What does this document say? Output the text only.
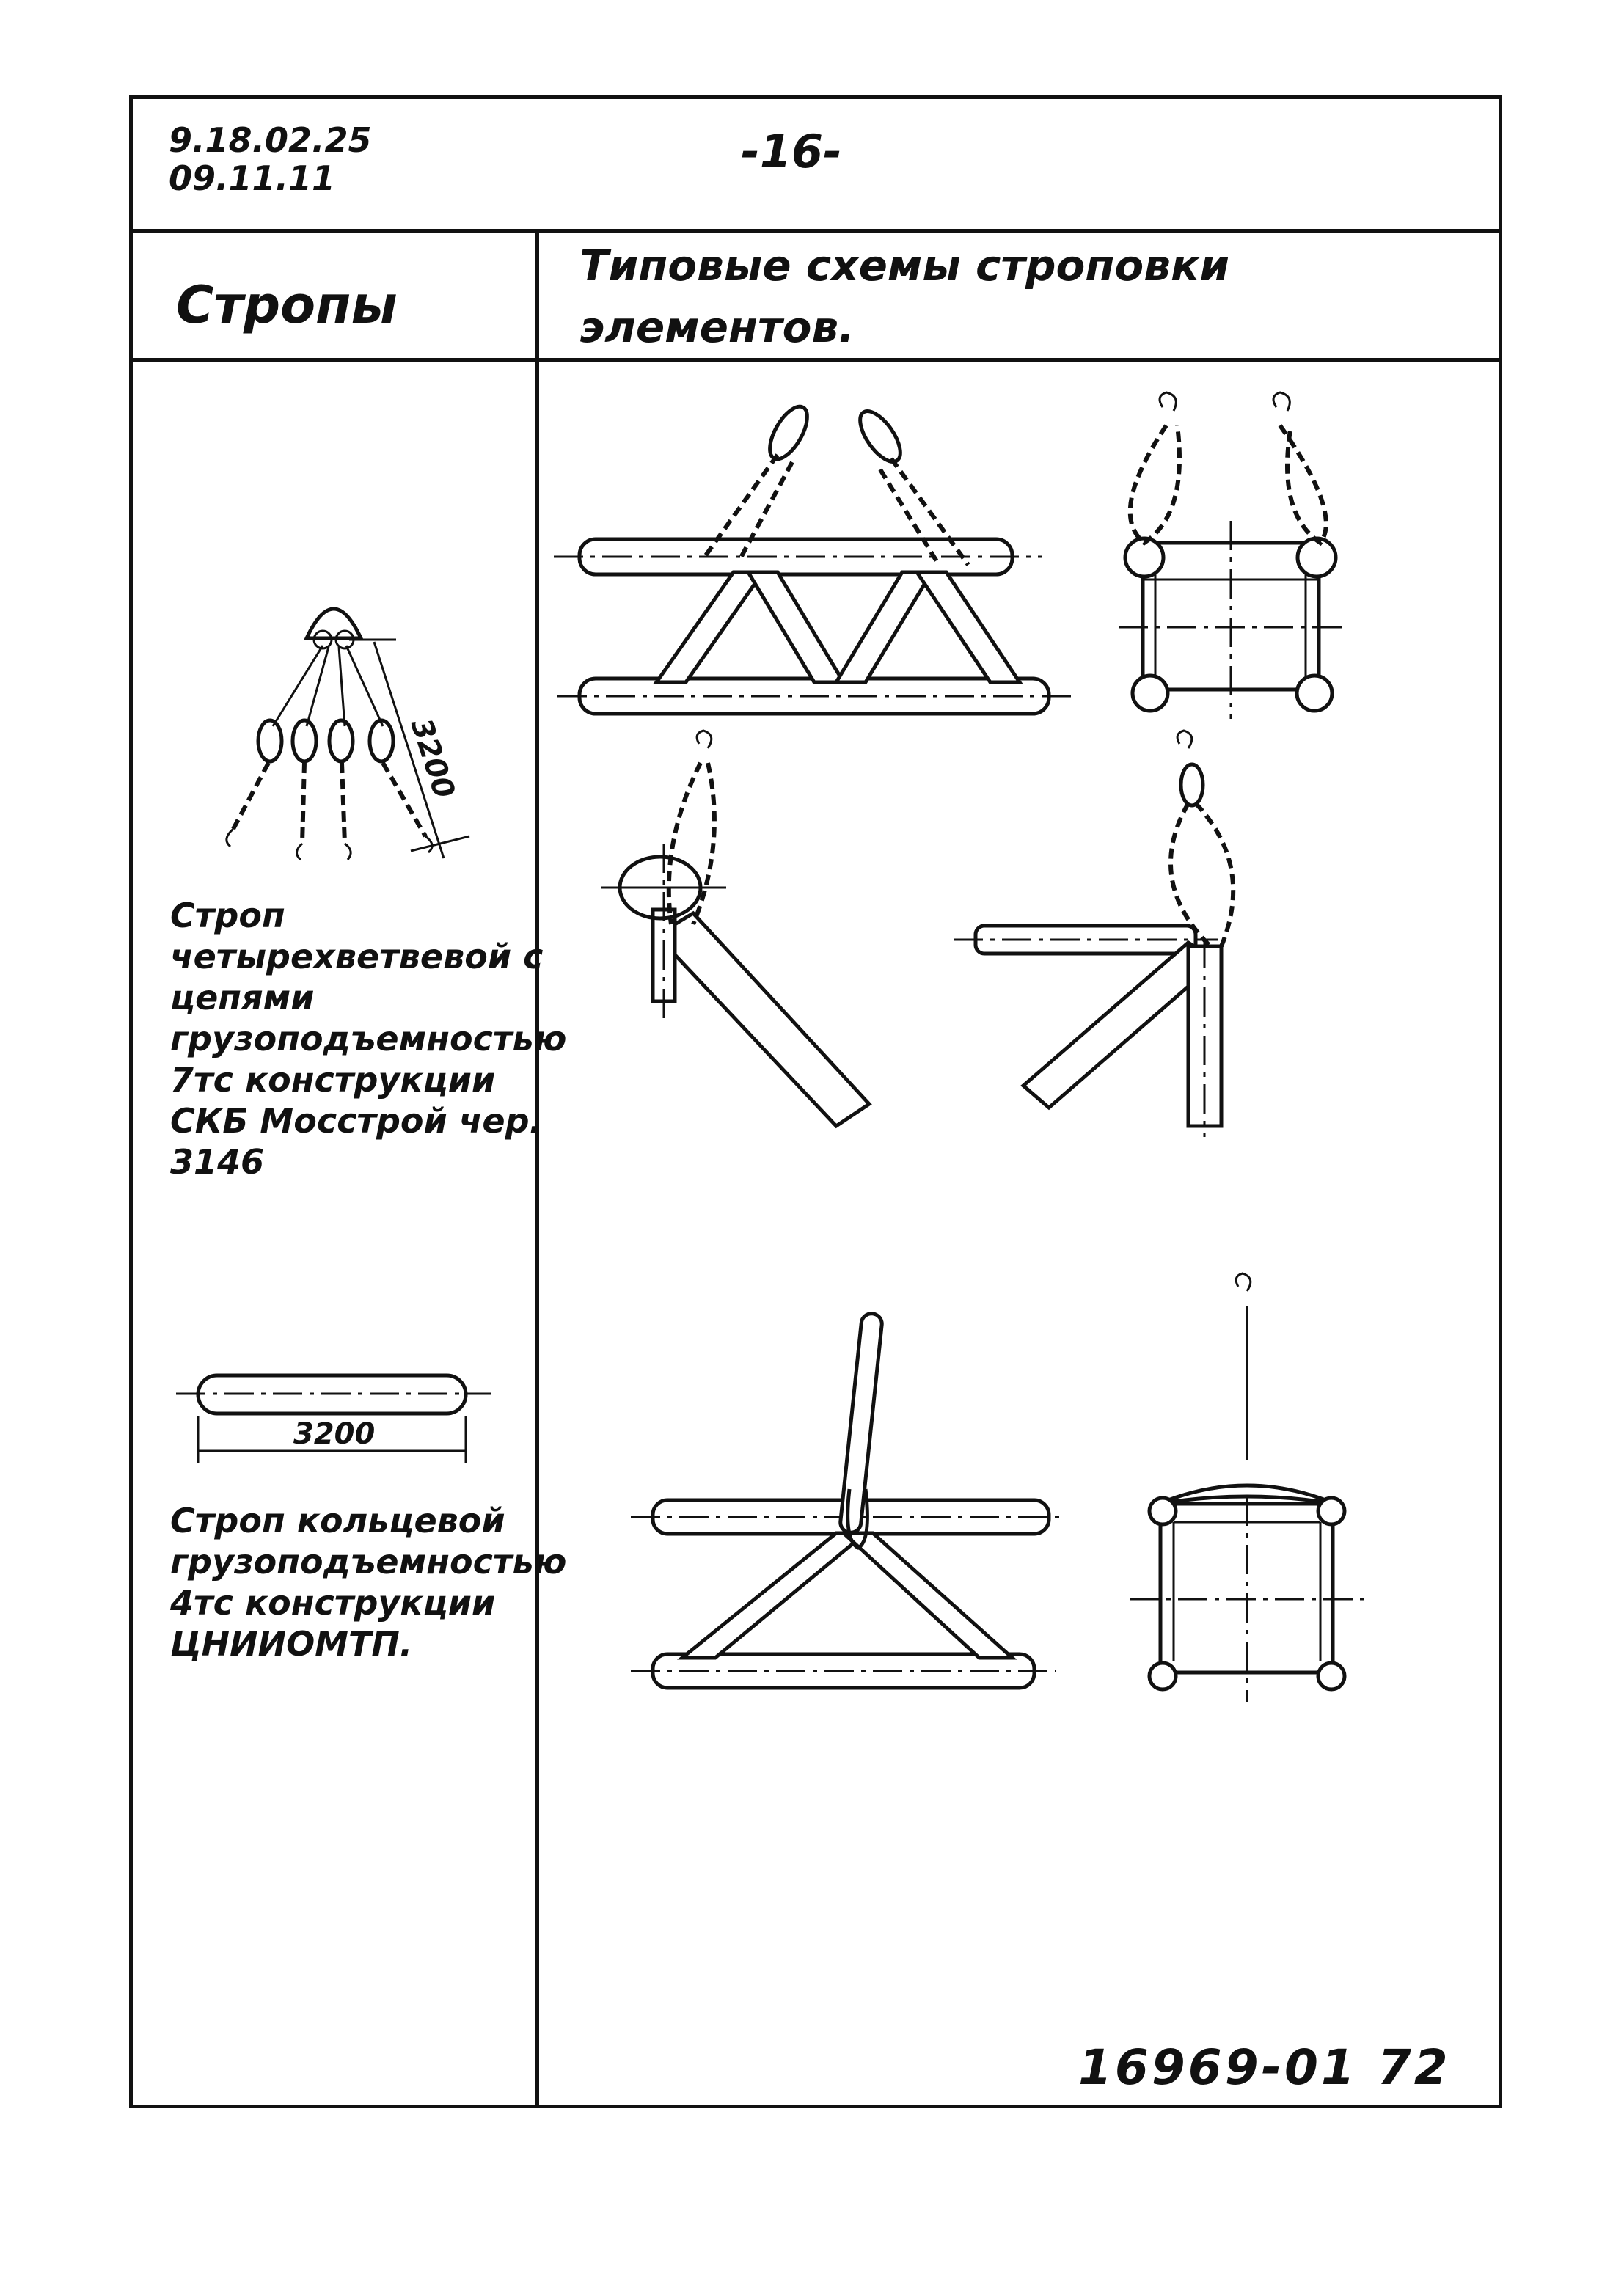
9.18.02.25
09.11.11	-16-
Стропы
Типовые схемы строповки элементов.
Строп четырехветвевой с цепями грузоподъемностью 7тс конструкции СКБ Мосстрой чер. 3146
Строп кольцевой грузоподъемностью 4тс конструкции ЦНИИОМТП.
16969-01 72
3200
3200
